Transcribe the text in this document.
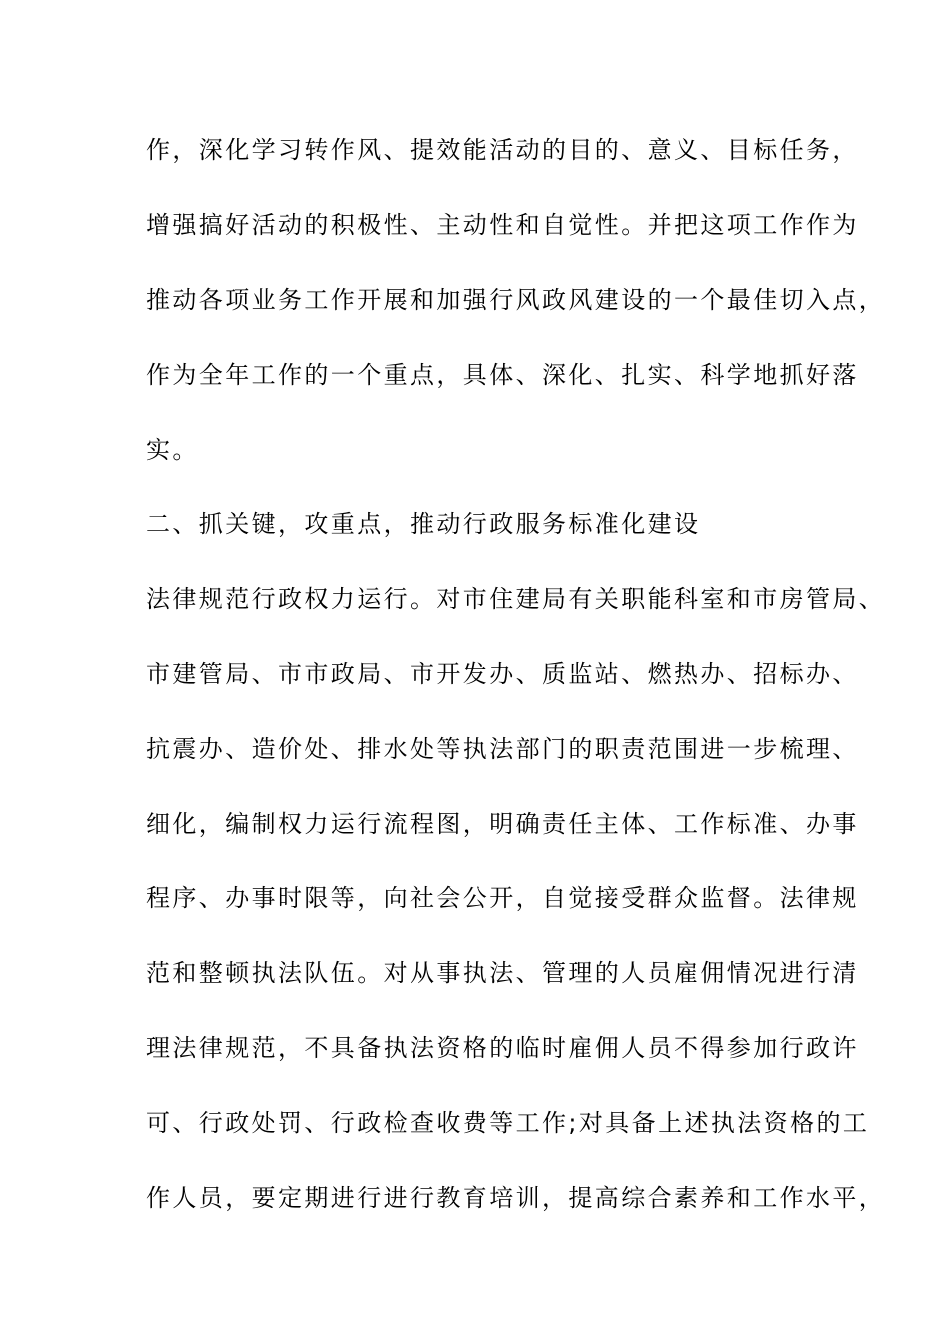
作，深化学习转作风、提效能活动的目的、意义、目标任务，

增强搞好活动的积极性、主动性和自觉性。并把这项工作作为

推动各项业务工作开展和加强行风政风建设的一个最佳切入点，

作为全年工作的一个重点，具体、深化、扎实、科学地抓好落

实。

二、抓关键，攻重点，推动行政服务标准化建设

法律规范行政权力运行。对市住建局有关职能科室和市房管局、

市建管局、市市政局、市开发办、质监站、燃热办、招标办、

抗震办、造价处、排水处等执法部门的职责范围进一步梳理、

细化，编制权力运行流程图，明确责任主体、工作标准、办事

程序、办事时限等，向社会公开，自觉接受群众监督。法律规

范和整顿执法队伍。对从事执法、管理的人员雇佣情况进行清

理法律规范，不具备执法资格的临时雇佣人员不得参加行政许

可、行政处罚、行政检查收费等工作;对具备上述执法资格的工

作人员，要定期进行进行教育培训，提高综合素养和工作水平，
